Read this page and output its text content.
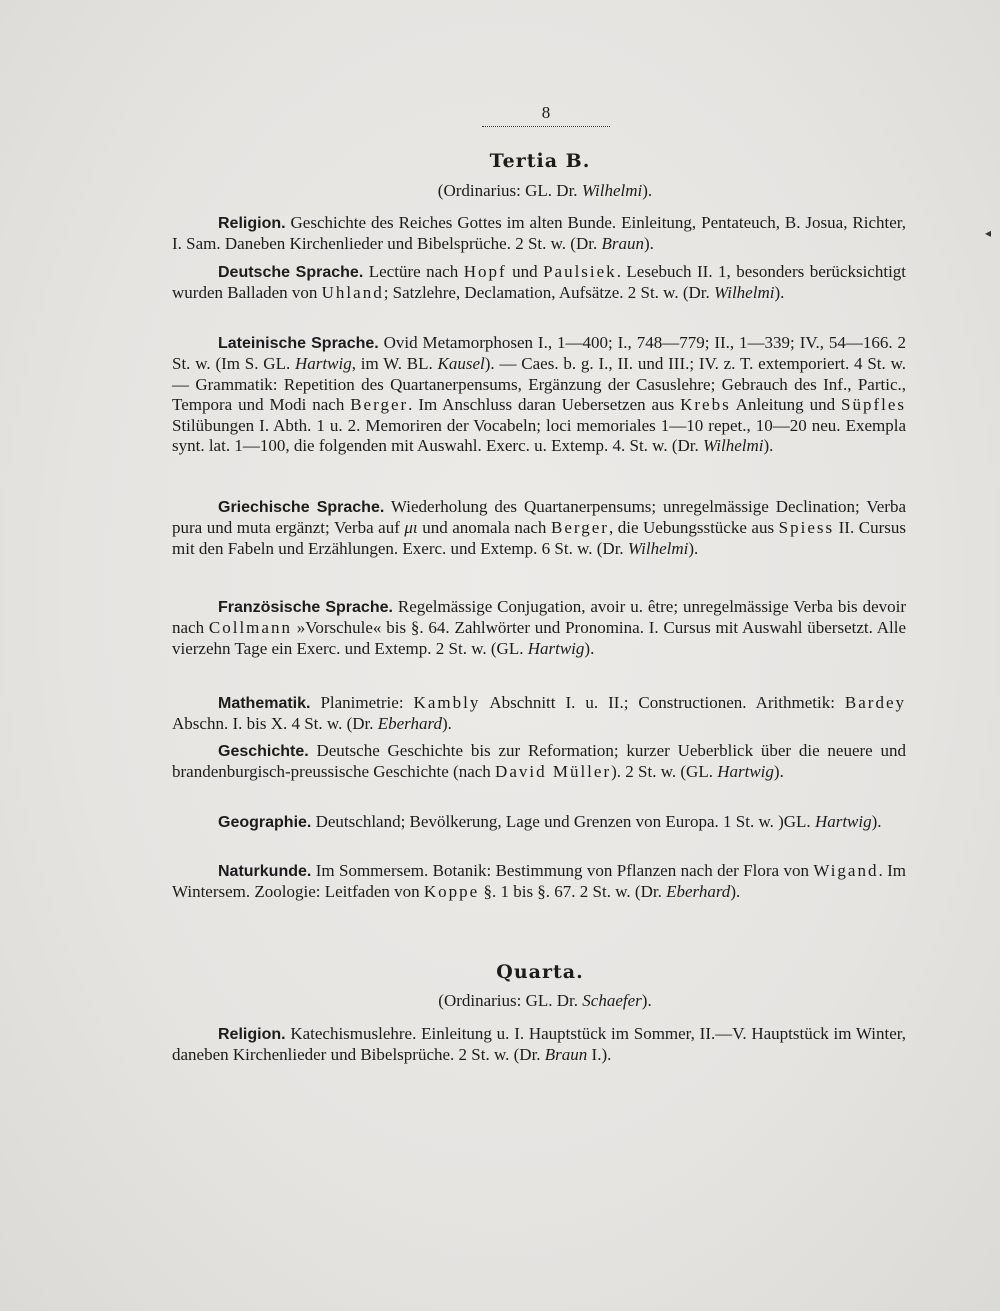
8
◂
Tertia B.
(Ordinarius: GL. Dr. Wilhelmi).
Religion. Geschichte des Reiches Gottes im alten Bunde. Einleitung, Pentateuch, B. Josua, Richter, I. Sam. Daneben Kirchenlieder und Bibelsprüche. 2 St. w. (Dr. Braun).
Deutsche Sprache. Lectüre nach Hopf und Paulsiek. Lesebuch II. 1, besonders berücksichtigt wurden Balladen von Uhland; Satzlehre, Declamation, Aufsätze. 2 St. w. (Dr. Wilhelmi).
Lateinische Sprache. Ovid Metamorphosen I., 1—400; I., 748—779; II., 1—339; IV., 54—166. 2 St. w. (Im S. GL. Hartwig, im W. BL. Kausel). — Caes. b. g. I., II. und III.; IV. z. T. extemporiert. 4 St. w. — Grammatik: Repetition des Quartanerpensums, Ergänzung der Casuslehre; Gebrauch des Inf., Partic., Tempora und Modi nach Berger. Im Anschluss daran Uebersetzen aus Krebs Anleitung und Süpfles Stilübungen I. Abth. 1 u. 2. Memoriren der Vocabeln; loci memoriales 1—10 repet., 10—20 neu. Exempla synt. lat. 1—100, die folgenden mit Auswahl. Exerc. u. Extemp. 4. St. w. (Dr. Wilhelmi).
Griechische Sprache. Wiederholung des Quartanerpensums; unregelmässige Declination; Verba pura und muta ergänzt; Verba auf μι und anomala nach Berger, die Uebungsstücke aus Spiess II. Cursus mit den Fabeln und Erzählungen. Exerc. und Extemp. 6 St. w. (Dr. Wilhelmi).
Französische Sprache. Regelmässige Conjugation, avoir u. être; unregelmässige Verba bis devoir nach Collmann »Vorschule« bis §. 64. Zahlwörter und Pronomina. I. Cursus mit Auswahl übersetzt. Alle vierzehn Tage ein Exerc. und Extemp. 2 St. w. (GL. Hartwig).
Mathematik. Planimetrie: Kambly Abschnitt I. u. II.; Constructionen. Arithmetik: Bardey Abschn. I. bis X. 4 St. w. (Dr. Eberhard).
Geschichte. Deutsche Geschichte bis zur Reformation; kurzer Ueberblick über die neuere und brandenburgisch-preussische Geschichte (nach David Müller). 2 St. w. (GL. Hartwig).
Geographie. Deutschland; Bevölkerung, Lage und Grenzen von Europa. 1 St. w. )GL. Hartwig).
Naturkunde. Im Sommersem. Botanik: Bestimmung von Pflanzen nach der Flora von Wigand. Im Wintersem. Zoologie: Leitfaden von Koppe §. 1 bis §. 67. 2 St. w. (Dr. Eberhard).
Quarta.
(Ordinarius: GL. Dr. Schaefer).
Religion. Katechismuslehre. Einleitung u. I. Hauptstück im Sommer, II.—V. Hauptstück im Winter, daneben Kirchenlieder und Bibelsprüche. 2 St. w. (Dr. Braun I.).
